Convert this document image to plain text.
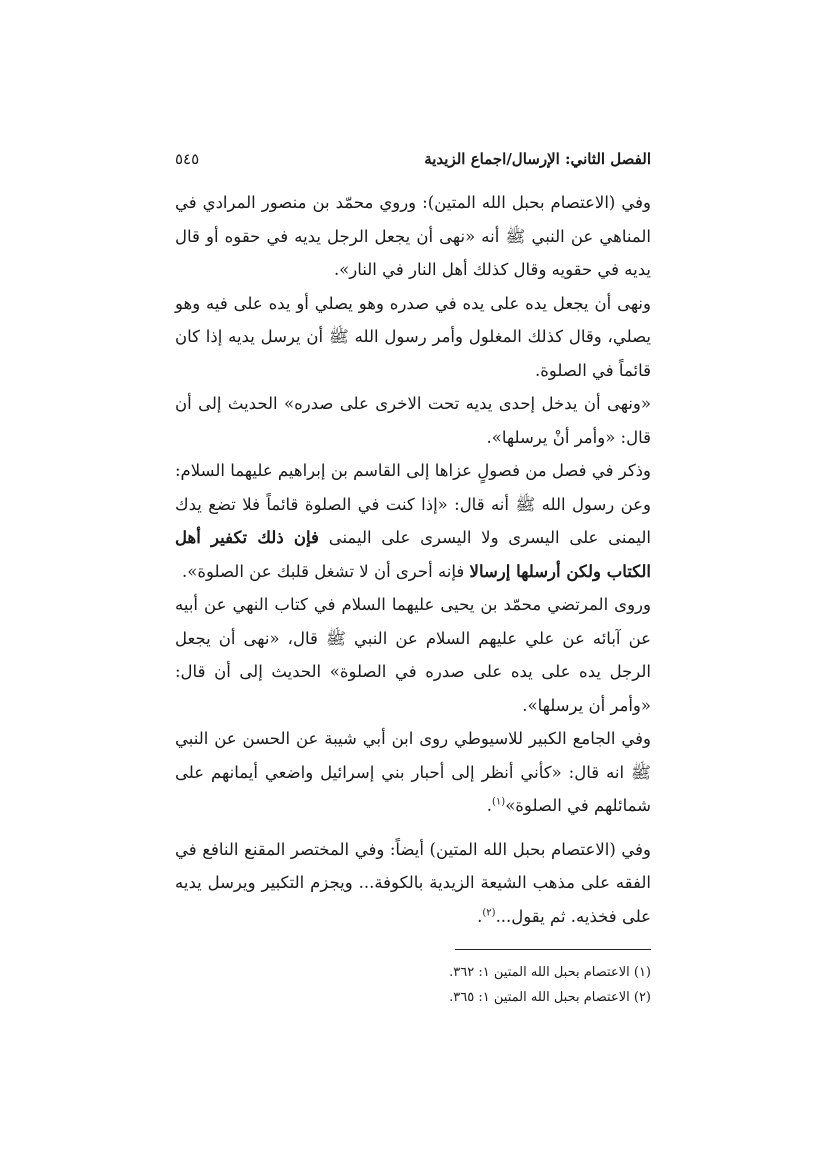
الفصل الثاني: الإرسال/اجماع الزيدية
٥٤٥

وفي (الاعتصام بحبل الله المتين): وروي محمّد بن منصور المرادي في المناهي عن النبي ﷺ أنه «نهى أن يجعل الرجل يديه في حقوه أو قال يديه في حقويه وقال كذلك أهل النار في النار».

ونهى أن يجعل يده على يده في صدره وهو يصلي أو يده على فيه وهو يصلي، وقال كذلك المغلول وأمر رسول الله ﷺ أن يرسل يديه إذا كان قائماً في الصلوة.

«ونهى أن يدخل إحدى يديه تحت الاخرى على صدره» الحديث إلى أن قال: «وأمر أنْ يرسلها».

وذكر في فصل من فصولٍ عزاها إلى القاسم بن إبراهيم عليهما السلام: وعن رسول الله ﷺ أنه قال: «إذا كنت في الصلوة قائماً فلا تضع يدك اليمنى على اليسرى ولا اليسرى على اليمنى فإن ذلك تكفير أهل الكتاب ولكن أرسلها إرسالا فإنه أحرى أن لا تشغل قلبك عن الصلوة».

وروى المرتضي محمّد بن يحيى عليهما السلام في كتاب النهي عن أبيه عن آبائه عن علي عليهم السلام عن النبي ﷺ قال، «نهى أن يجعل الرجل يده على يده على صدره في الصلوة» الحديث إلى أن قال: «وأمر أن يرسلها».

وفي الجامع الكبير للاسيوطي روى ابن أبي شيبة عن الحسن عن النبي ﷺ انه قال: «كأني أنظر إلى أحبار بني إسرائيل واضعي أيمانهم على شمائلهم في الصلوة»$^{(١)}$.

وفي (الاعتصام بحبل الله المتين) أيضاً: وفي المختصر المقنع النافع في الفقه على مذهب الشيعة الزيدية بالكوفة... ويجزم التكبير ويرسل يديه على فخذيه. ثم يقول...$^{(٢)}$.

(١) الاعتصام بحبل الله المتين ١: ٣٦٢.

(٢) الاعتصام بحبل الله المتين ١: ٣٦٥.
